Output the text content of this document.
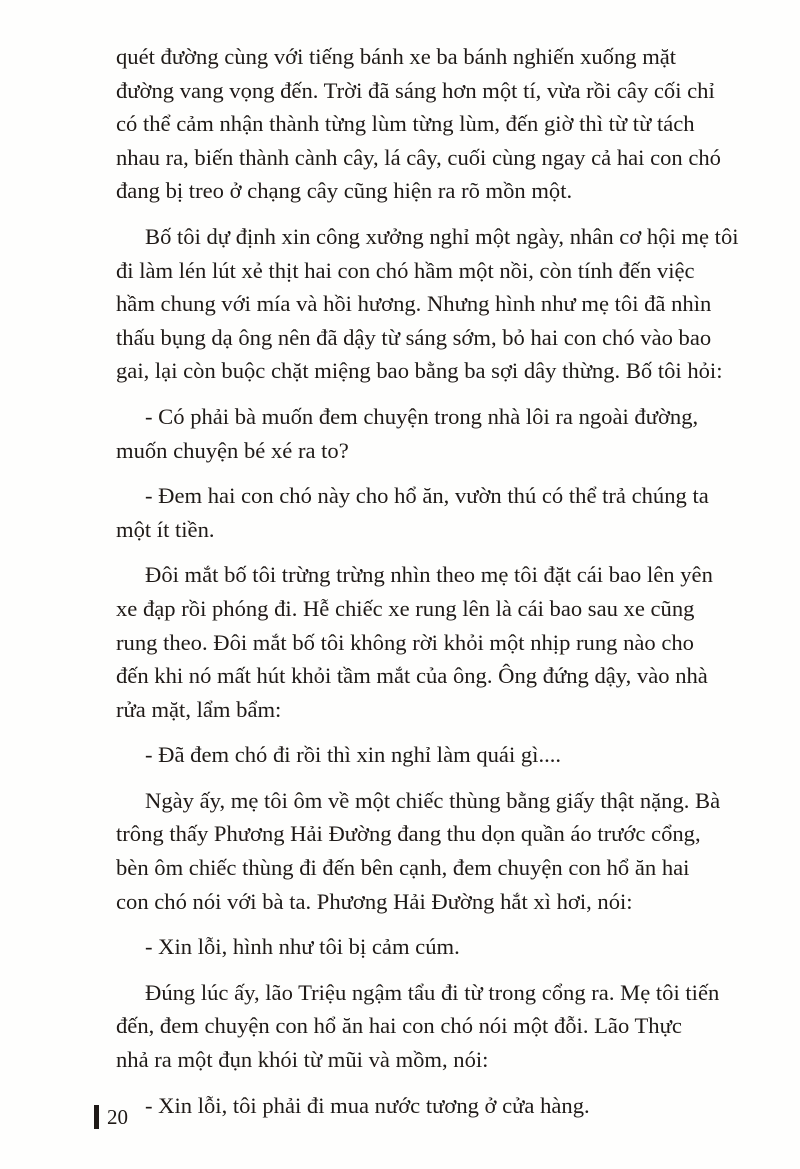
quét đường cùng với tiếng bánh xe ba bánh nghiến xuống mặt
đường vang vọng đến. Trời đã sáng hơn một tí, vừa rồi cây cối chỉ
có thể cảm nhận thành từng lùm từng lùm, đến giờ thì từ từ tách
nhau ra, biến thành cành cây, lá cây, cuối cùng ngay cả hai con chó
đang bị treo ở chạng cây cũng hiện ra rõ mồn một.
Bố tôi dự định xin công xưởng nghỉ một ngày, nhân cơ hội mẹ tôi
đi làm lén lút xẻ thịt hai con chó hầm một nồi, còn tính đến việc
hầm chung với mía và hồi hương. Nhưng hình như mẹ tôi đã nhìn
thấu bụng dạ ông nên đã dậy từ sáng sớm, bỏ hai con chó vào bao
gai, lại còn buộc chặt miệng bao bằng ba sợi dây thừng. Bố tôi hỏi:
- Có phải bà muốn đem chuyện trong nhà lôi ra ngoài đường,
muốn chuyện bé xé ra to?
- Đem hai con chó này cho hổ ăn, vườn thú có thể trả chúng ta
một ít tiền.
Đôi mắt bố tôi trừng trừng nhìn theo mẹ tôi đặt cái bao lên yên
xe đạp rồi phóng đi. Hễ chiếc xe rung lên là cái bao sau xe cũng
rung theo. Đôi mắt bố tôi không rời khỏi một nhịp rung nào cho
đến khi nó mất hút khỏi tầm mắt của ông. Ông đứng dậy, vào nhà
rửa mặt, lẩm bẩm:
- Đã đem chó đi rồi thì xin nghỉ làm quái gì....
Ngày ấy, mẹ tôi ôm về một chiếc thùng bằng giấy thật nặng. Bà
trông thấy Phương Hải Đường đang thu dọn quần áo trước cổng,
bèn ôm chiếc thùng đi đến bên cạnh, đem chuyện con hổ ăn hai
con chó nói với bà ta. Phương Hải Đường hắt xì hơi, nói:
- Xin lỗi, hình như tôi bị cảm cúm.
Đúng lúc ấy, lão Triệu ngậm tẩu đi từ trong cổng ra. Mẹ tôi tiến
đến, đem chuyện con hổ ăn hai con chó nói một đỗi. Lão Thực
nhả ra một đụn khói từ mũi và mồm, nói:
- Xin lỗi, tôi phải đi mua nước tương ở cửa hàng.
20
